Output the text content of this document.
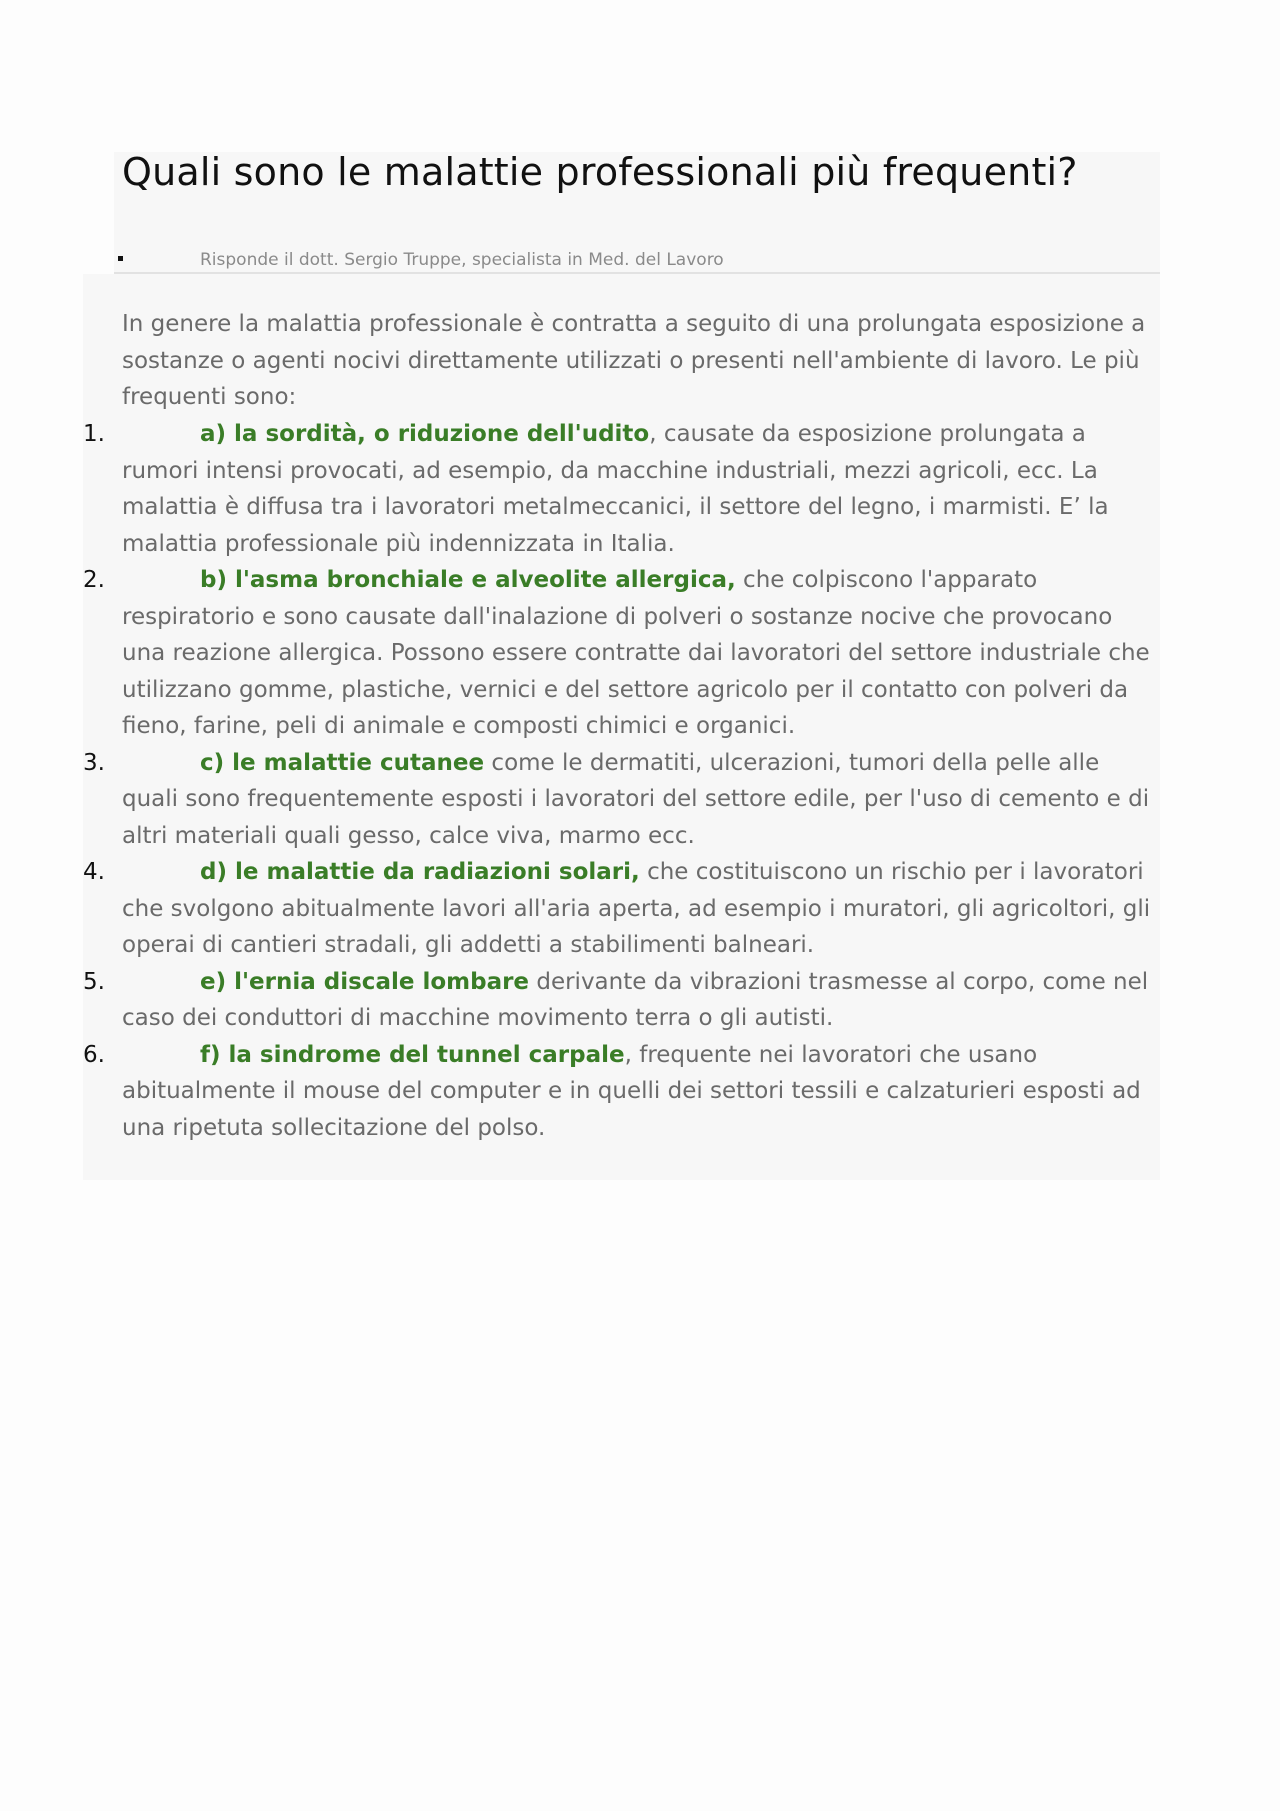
Quali sono le malattie professionali più frequenti?
Risponde il dott. Sergio Truppe, specialista in Med. del Lavoro

In genere la malattia professionale è contratta a seguito di una prolungata esposizione a sostanze o agenti nocivi direttamente utilizzati o presenti nell'ambiente di lavoro. Le più frequenti sono:

1.	a) la sordità, o riduzione dell'udito, causate da esposizione prolungata a rumori intensi provocati, ad esempio, da macchine industriali, mezzi agricoli, ecc. La malattia è diffusa tra i lavoratori metalmeccanici, il settore del legno, i marmisti. E’ la malattia professionale più indennizzata in Italia.
2.	b) l'asma bronchiale e alveolite allergica, che colpiscono l'apparato respiratorio e sono causate dall'inalazione di polveri o sostanze nocive che provocano una reazione allergica. Possono essere contratte dai lavoratori del settore industriale che utilizzano gomme, plastiche, vernici e del settore agricolo per il contatto con polveri da fieno, farine, peli di animale e composti chimici e organici.
3.	c) le malattie cutanee come le dermatiti, ulcerazioni, tumori della pelle alle quali sono frequentemente esposti i lavoratori del settore edile, per l'uso di cemento e di altri materiali quali gesso, calce viva, marmo ecc.
4.	d) le malattie da radiazioni solari, che costituiscono un rischio per i lavoratori che svolgono abitualmente lavori all'aria aperta, ad esempio i muratori, gli agricoltori, gli operai di cantieri stradali, gli addetti a stabilimenti balneari.
5.	e) l'ernia discale lombare derivante da vibrazioni trasmesse al corpo, come nel caso dei conduttori di macchine movimento terra o gli autisti.
6.	f) la sindrome del tunnel carpale, frequente nei lavoratori che usano abitualmente il mouse del computer e in quelli dei settori tessili e calzaturieri esposti ad una ripetuta sollecitazione del polso.
